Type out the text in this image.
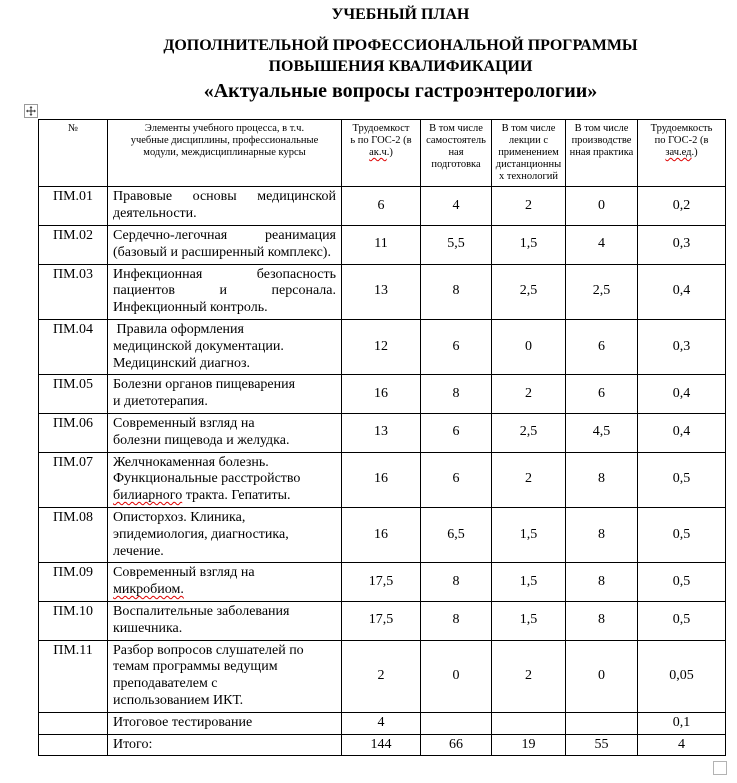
УЧЕБНЫЙ ПЛАН
ДОПОЛНИТЕЛЬНОЙ ПРОФЕССИОНАЛЬНОЙ ПРОГРАММЫ
ПОВЫШЕНИЯ КВАЛИФИКАЦИИ
«Актуальные вопросы гастроэнтерологии»
№	Элементы учебного процесса, в т.ч.
учебные дисциплины, профессиональные
модули, междисциплинарные курсы	Трудоемкост
ь по ГОС-2 (в
ак.ч.)	В том числе
самостоятель
ная
подготовка	В том числе
лекции с
применением
дистанционны
х технологий	В том числе
производстве
нная практика	Трудоемкость
по ГОС-2 (в
зач.ед.)
ПМ.01	Правовые основы медицинской деятельности.	6	4	2	0	0,2
ПМ.02	Сердечно-легочная реанимация (базовый и расширенный комплекс).	11	5,5	1,5	4	0,3
ПМ.03	Инфекционная безопасность пациентов и персонала. Инфекционный контроль.	13	8	2,5	2,5	0,4
ПМ.04	Правила оформления
медицинской документации.
Медицинский диагноз.	12	6	0	6	0,3
ПМ.05	Болезни органов пищеварения
и диетотерапия.	16	8	2	6	0,4
ПМ.06	Современный взгляд на
болезни пищевода и желудка.	13	6	2,5	4,5	0,4
ПМ.07	Желчнокаменная болезнь.
Функциональные расстройство
билиарного тракта. Гепатиты.	16	6	2	8	0,5
ПМ.08	Описторхоз. Клиника,
эпидемиология, диагностика,
лечение.	16	6,5	1,5	8	0,5
ПМ.09	Современный взгляд на
микробиом.	17,5	8	1,5	8	0,5
ПМ.10	Воспалительные заболевания
кишечника.	17,5	8	1,5	8	0,5
ПМ.11	Разбор вопросов слушателей по
темам программы ведущим
преподавателем с
использованием ИКТ.	2	0	2	0	0,05
	Итоговое тестирование	4				0,1
	Итого:	144	66	19	55	4
